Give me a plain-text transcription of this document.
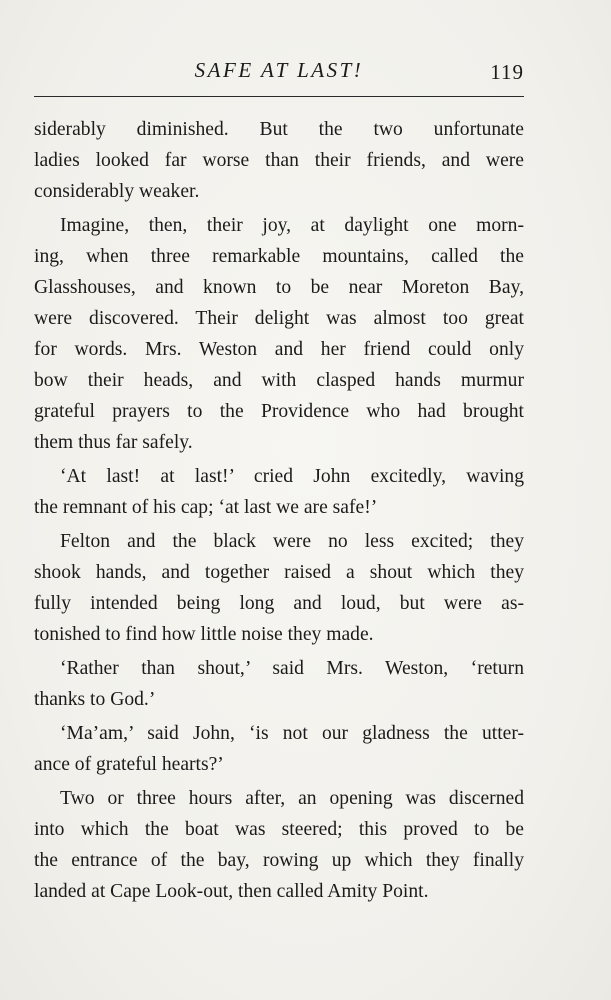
SAFE AT LAST!	119
siderably diminished. But the two unfortunate
ladies looked far worse than their friends, and were
considerably weaker.
Imagine, then, their joy, at daylight one morn-
ing, when three remarkable mountains, called the
Glasshouses, and known to be near Moreton Bay,
were discovered. Their delight was almost too great
for words. Mrs. Weston and her friend could only
bow their heads, and with clasped hands murmur
grateful prayers to the Providence who had brought
them thus far safely.
‘At last! at last!’ cried John excitedly, waving
the remnant of his cap; ‘at last we are safe!’
Felton and the black were no less excited; they
shook hands, and together raised a shout which they
fully intended being long and loud, but were as-
tonished to find how little noise they made.
‘Rather than shout,’ said Mrs. Weston, ‘return
thanks to God.’
‘Ma’am,’ said John, ‘is not our gladness the utter-
ance of grateful hearts?’
Two or three hours after, an opening was discerned
into which the boat was steered; this proved to be
the entrance of the bay, rowing up which they finally
landed at Cape Look-out, then called Amity Point.
